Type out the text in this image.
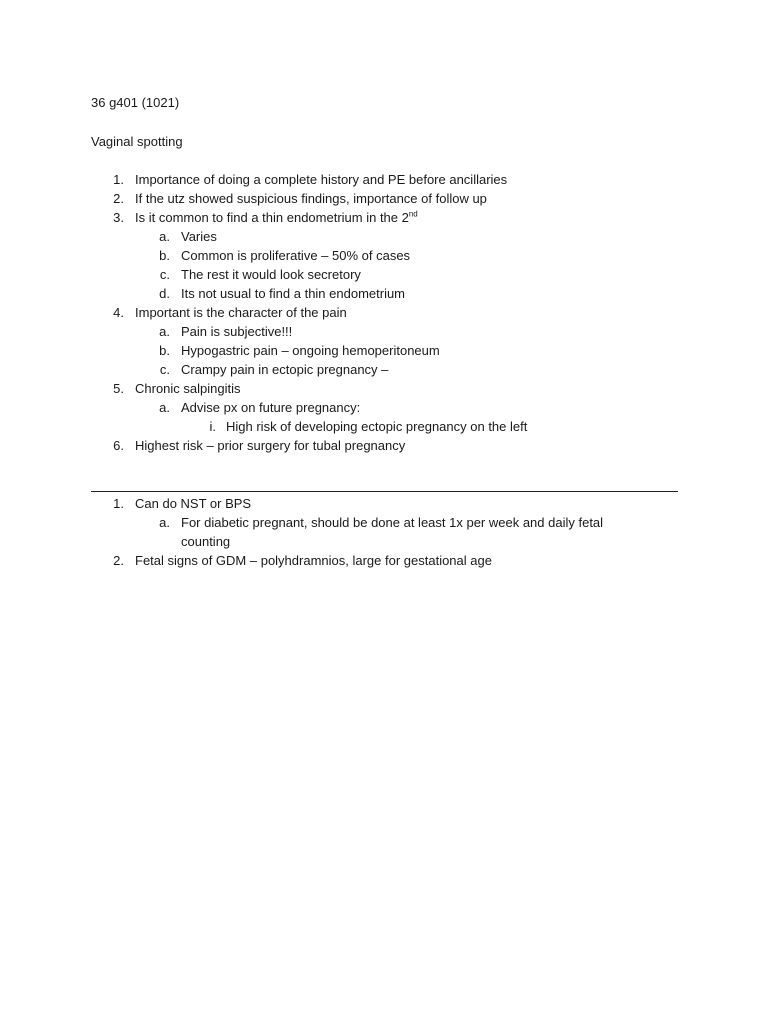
36 g401 (1021)

Vaginal spotting

1. Importance of doing a complete history and PE before ancillaries
2. If the utz showed suspicious findings, importance of follow up
3. Is it common to find a thin endometrium in the 2nd
a. Varies
b. Common is proliferative – 50% of cases
c. The rest it would look secretory
d. Its not usual to find a thin endometrium
4. Important is the character of the pain
a. Pain is subjective!!!
b. Hypogastric pain – ongoing hemoperitoneum
c. Crampy pain in ectopic pregnancy –
5. Chronic salpingitis
a. Advise px on future pregnancy:
i. High risk of developing ectopic pregnancy on the left
6. Highest risk – prior surgery for tubal pregnancy
1. Can do NST or BPS
a. For diabetic pregnant, should be done at least 1x per week and daily fetal
counting
2. Fetal signs of GDM – polyhdramnios, large for gestational age
